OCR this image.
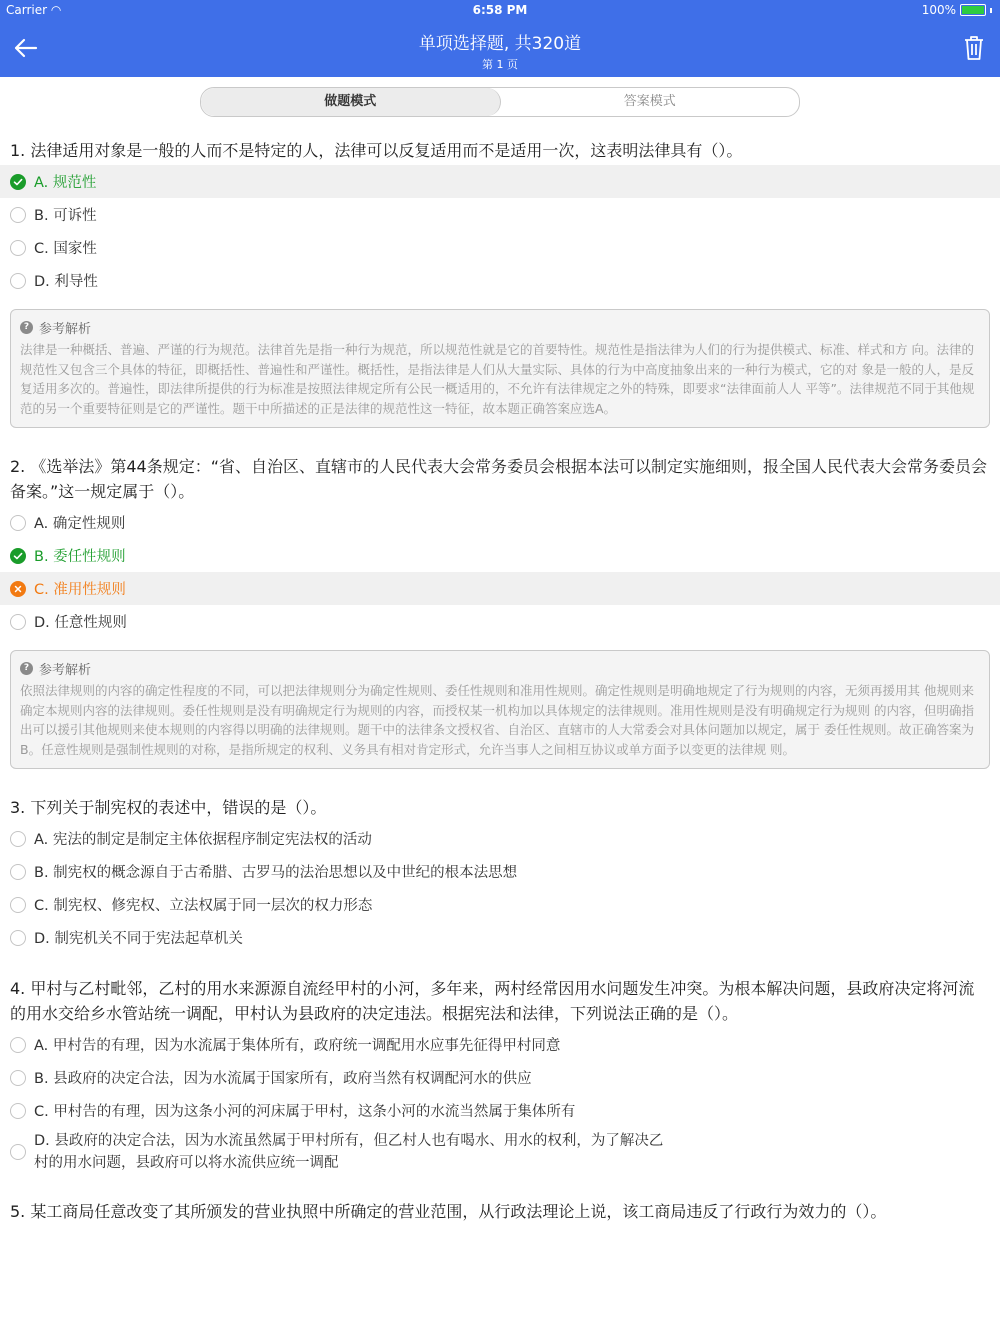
Carrier ◠	6:58 PM	100%
单项选择题, 共320道
第 1 页
做题模式	答案模式
1. 法律适用对象是一般的人而不是特定的人，法律可以反复适用而不是适用一次，这表明法律具有（）。
A. 规范性
B. 可诉性
C. 国家性
D. 利导性
? 参考解析
法律是一种概括、普遍、严谨的行为规范。法律首先是指一种行为规范，所以规范性就是它的首要特性。规范性是指法律为人们的行为提供模式、标准、样式和方 向。法律的规范性又包含三个具体的特征，即概括性、普遍性和严谨性。概括性，是指法律是人们从大量实际、具体的行为中高度抽象出来的一种行为模式，它的对 象是一般的人，是反复适用多次的。普遍性，即法律所提供的行为标准是按照法律规定所有公民一概适用的，不允许有法律规定之外的特殊，即要求“法律面前人人 平等”。法律规范不同于其他规范的另一个重要特征则是它的严谨性。题干中所描述的正是法律的规范性这一特征，故本题正确答案应选A。
2. 《选举法》第44条规定：“省、自治区、直辖市的人民代表大会常务委员会根据本法可以制定实施细则，报全国人民代表大会常务委员会备案。”这一规定属于（）。
A. 确定性规则
B. 委任性规则
C. 准用性规则
D. 任意性规则
? 参考解析
依照法律规则的内容的确定性程度的不同，可以把法律规则分为确定性规则、委任性规则和准用性规则。确定性规则是明确地规定了行为规则的内容，无须再援用其 他规则来确定本规则内容的法律规则。委任性规则是没有明确规定行为规则的内容，而授权某一机构加以具体规定的法律规则。准用性规则是没有明确规定行为规则 的内容，但明确指出可以援引其他规则来使本规则的内容得以明确的法律规则。题干中的法律条文授权省、自治区、直辖市的人大常委会对具体问题加以规定，属于 委任性规则。故正确答案为B。任意性规则是强制性规则的对称，是指所规定的权利、义务具有相对肯定形式，允许当事人之间相互协议或单方面予以变更的法律规 则。
3. 下列关于制宪权的表述中，错误的是（）。
A. 宪法的制定是制定主体依据程序制定宪法权的活动
B. 制宪权的概念源自于古希腊、古罗马的法治思想以及中世纪的根本法思想
C. 制宪权、修宪权、立法权属于同一层次的权力形态
D. 制宪机关不同于宪法起草机关
4. 甲村与乙村毗邻，乙村的用水来源源自流经甲村的小河，多年来，两村经常因用水问题发生冲突。为根本解决问题，县政府决定将河流的用水交给乡水管站统一调配，甲村认为县政府的决定违法。根据宪法和法律，下列说法正确的是（）。
A. 甲村告的有理，因为水流属于集体所有，政府统一调配用水应事先征得甲村同意
B. 县政府的决定合法，因为水流属于国家所有，政府当然有权调配河水的供应
C. 甲村告的有理，因为这条小河的河床属于甲村，这条小河的水流当然属于集体所有
D. 县政府的决定合法，因为水流虽然属于甲村所有，但乙村人也有喝水、用水的权利，为了解决乙村的用水问题，县政府可以将水流供应统一调配
5. 某工商局任意改变了其所颁发的营业执照中所确定的营业范围，从行政法理论上说，该工商局违反了行政行为效力的（）。
